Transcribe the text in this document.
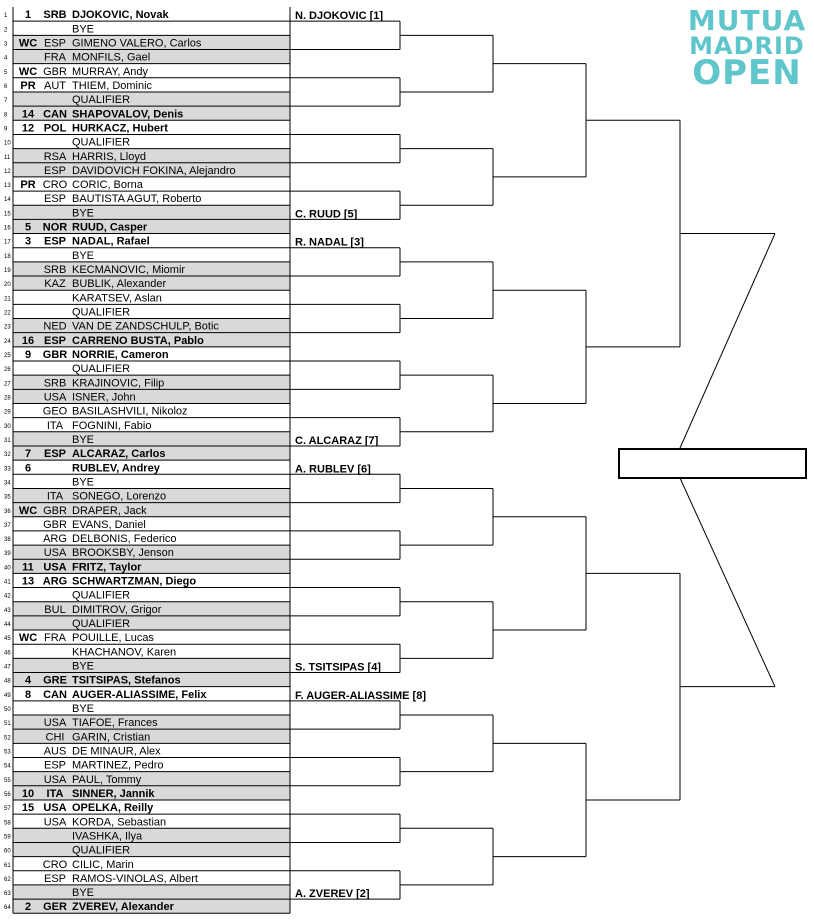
1 1 SRB DJOKOVIC, Novak
2	BYE
3 WC ESP GIMENO VALERO, Carlos
4	FRA MONFILS, Gael
5 WC GBR MURRAY, Andy
6 PR AUT THIEM, Dominic
7	QUALIFIER
8 14 CAN SHAPOVALOV, Denis
9 12 POL HURKACZ, Hubert
10	QUALIFIER
11	RSA HARRIS, Lloyd
12	ESP DAVIDOVICH FOKINA, Alejandro
13 PR CRO CORIC, Borna
14	ESP BAUTISTA AGUT, Roberto
15	BYE
16 5 NOR RUUD, Casper
17 3 ESP NADAL, Rafael
18	BYE
19	SRB KECMANOVIC, Miomir
20	KAZ BUBLIK, Alexander
21	KARATSEV, Aslan
22	QUALIFIER
23	NED VAN DE ZANDSCHULP, Botic
24 16 ESP CARRENO BUSTA, Pablo
25 9 GBR NORRIE, Cameron
26	QUALIFIER
27	SRB KRAJINOVIC, Filip
28	USA ISNER, John
29	GEO BASILASHVILI, Nikoloz
30	ITA FOGNINI, Fabio
31	BYE
32 7 ESP ALCARAZ, Carlos
33 6	RUBLEV, Andrey
34	BYE
35	ITA SONEGO, Lorenzo
36 WC GBR DRAPER, Jack
37	GBR EVANS, Daniel
38	ARG DELBONIS, Federico
39	USA BROOKSBY, Jenson
40 11 USA FRITZ, Taylor
41 13 ARG SCHWARTZMAN, Diego
42	QUALIFIER
43	BUL DIMITROV, Grigor
44	QUALIFIER
45 WC FRA POUILLE, Lucas
46	KHACHANOV, Karen
47	BYE
48 4 GRE TSITSIPAS, Stefanos
49 8 CAN AUGER-ALIASSIME, Felix
50	BYE
51	USA TIAFOE, Frances
52	CHI GARIN, Cristian
53	AUS DE MINAUR, Alex
54	ESP MARTINEZ, Pedro
55	USA PAUL, Tommy
56 10 ITA SINNER, Jannik
57 15 USA OPELKA, Reilly
58	USA KORDA, Sebastian
59	IVASHKA, Ilya
60	QUALIFIER
61	CRO CILIC, Marin
62	ESP RAMOS-VINOLAS, Albert
63	BYE
64 2 GER ZVEREV, Alexander
N. DJOKOVIC [1]
C. RUUD [5]
R. NADAL [3]
C. ALCARAZ [7]
A. RUBLEV [6]
S. TSITSIPAS [4]
F. AUGER-ALIASSIME [8]
A. ZVEREV [2]
MUTUA
MADRID
OPEN
